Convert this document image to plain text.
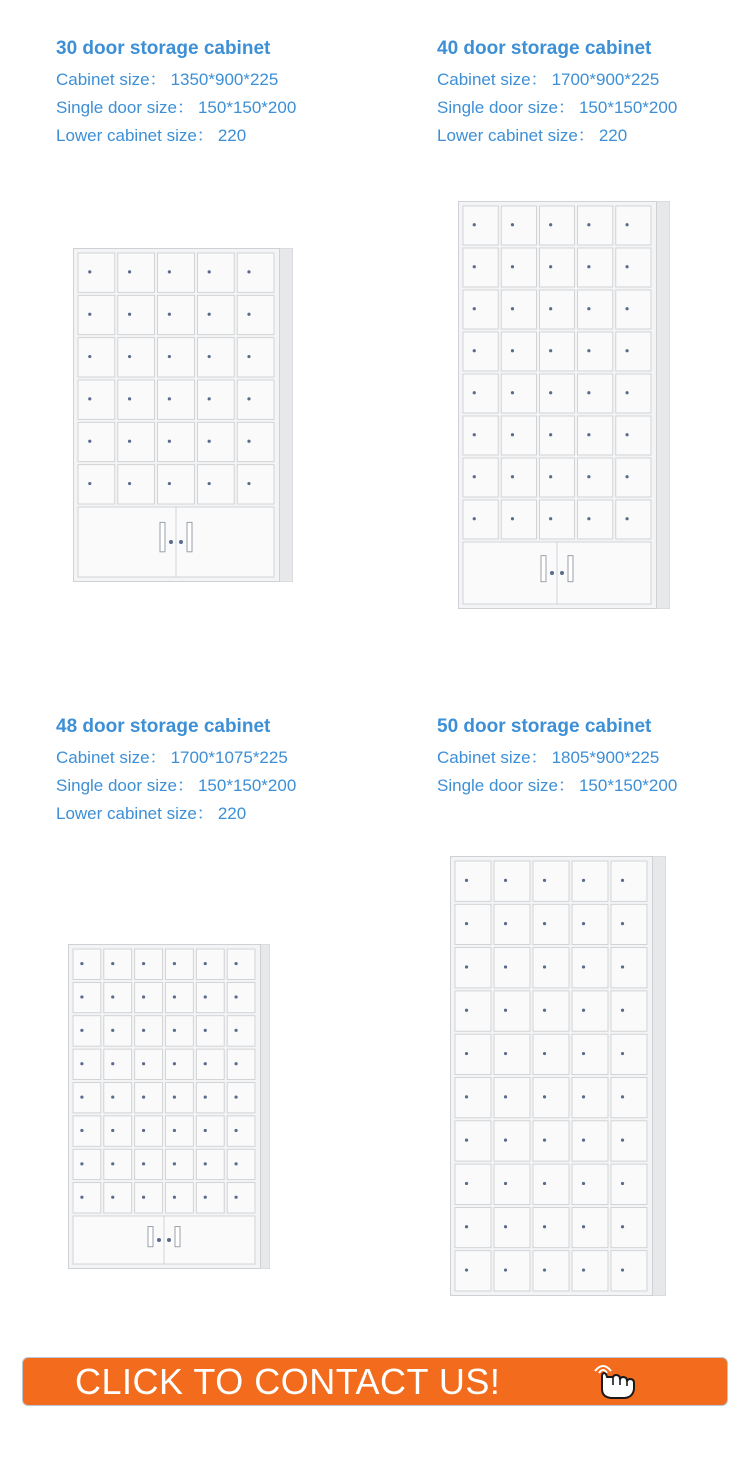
30 door storage cabinet
Cabinet size： 1350*900*225
Single door size： 150*150*200
Lower cabinet size： 220
40 door storage cabinet
Cabinet size： 1700*900*225
Single door size： 150*150*200
Lower cabinet size： 220
48 door storage cabinet
Cabinet size： 1700*1075*225
Single door size： 150*150*200
Lower cabinet size： 220
50 door storage cabinet
Cabinet size： 1805*900*225
Single door size： 150*150*200
CLICK TO CONTACT US!
